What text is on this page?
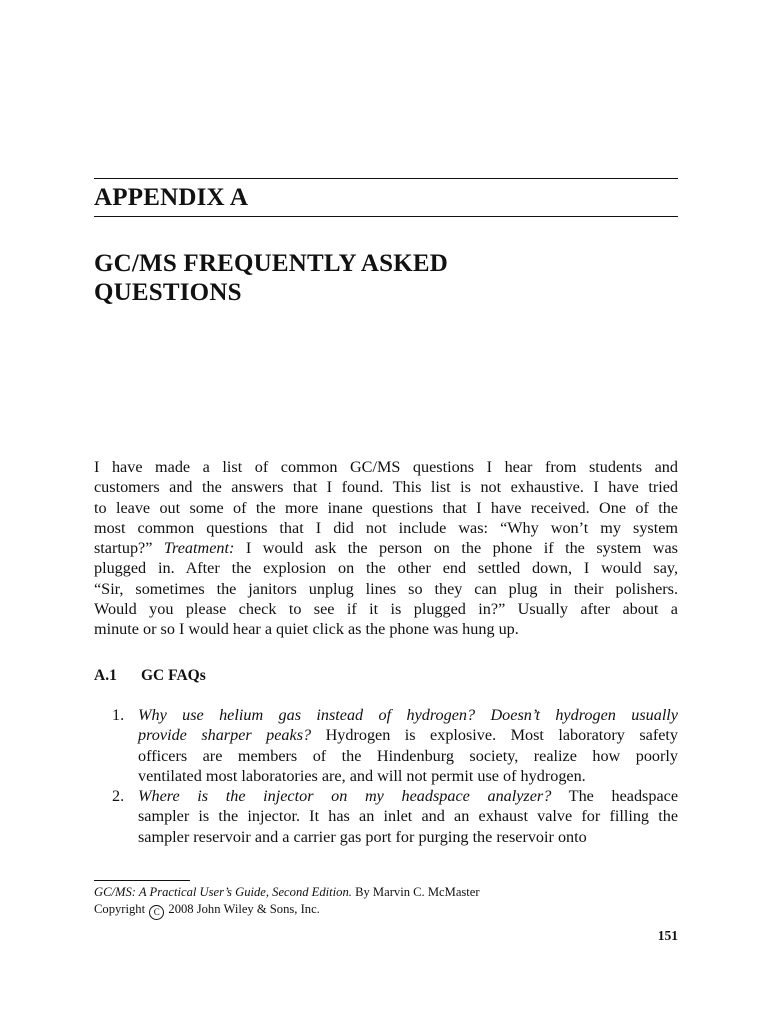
APPENDIX A
GC/MS FREQUENTLY ASKED
QUESTIONS
I have made a list of common GC/MS questions I hear from students and
customers and the answers that I found. This list is not exhaustive. I have tried
to leave out some of the more inane questions that I have received. One of the
most common questions that I did not include was: “Why won’t my system
startup?” Treatment: I would ask the person on the phone if the system was
plugged in. After the explosion on the other end settled down, I would say,
“Sir, sometimes the janitors unplug lines so they can plug in their polishers.
Would you please check to see if it is plugged in?” Usually after about a
minute or so I would hear a quiet click as the phone was hung up.
A.1 GC FAQs
1. Why use helium gas instead of hydrogen? Doesn’t hydrogen usually
provide sharper peaks? Hydrogen is explosive. Most laboratory safety
officers are members of the Hindenburg society, realize how poorly
ventilated most laboratories are, and will not permit use of hydrogen.
2. Where is the injector on my headspace analyzer? The headspace
sampler is the injector. It has an inlet and an exhaust valve for filling the
sampler reservoir and a carrier gas port for purging the reservoir onto
GC/MS: A Practical User’s Guide, Second Edition. By Marvin C. McMaster
Copyright C 2008 John Wiley & Sons, Inc.
151
